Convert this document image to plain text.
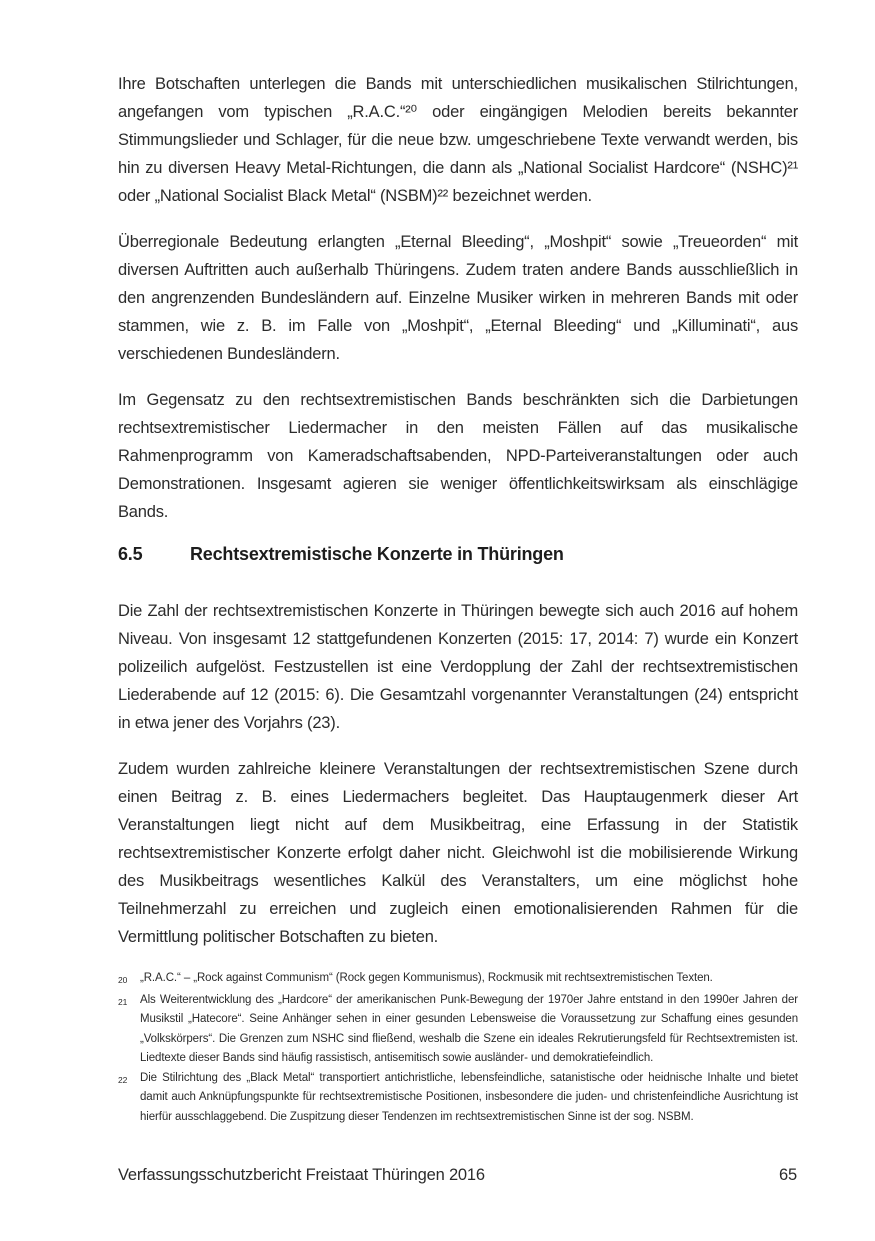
Ihre Botschaften unterlegen die Bands mit unterschiedlichen musikalischen Stilrichtungen, angefangen vom typischen „R.A.C.“²⁰ oder eingängigen Melodien bereits bekannter Stimmungslieder und Schlager, für die neue bzw. umgeschriebene Texte verwandt werden, bis hin zu diversen Heavy Metal-Richtungen, die dann als „National Socialist Hardcore“ (NSHC)²¹ oder „National Socialist Black Metal“ (NSBM)²² bezeichnet werden.

Überregionale Bedeutung erlangten „Eternal Bleeding“, „Moshpit“ sowie „Treueorden“ mit diversen Auftritten auch außerhalb Thüringens. Zudem traten andere Bands ausschließlich in den angrenzenden Bundesländern auf. Einzelne Musiker wirken in mehreren Bands mit oder stammen, wie z. B. im Falle von „Moshpit“, „Eternal Bleeding“ und „Killuminati“, aus verschiedenen Bundesländern.

Im Gegensatz zu den rechtsextremistischen Bands beschränkten sich die Darbietungen rechtsextremistischer Liedermacher in den meisten Fällen auf das musikalische Rahmenprogramm von Kameradschaftsabenden, NPD-Parteiveranstaltungen oder auch Demonstrationen. Insgesamt agieren sie weniger öffentlichkeitswirksam als einschlägige Bands.

6.5	Rechtsextremistische Konzerte in Thüringen

Die Zahl der rechtsextremistischen Konzerte in Thüringen bewegte sich auch 2016 auf hohem Niveau. Von insgesamt 12 stattgefundenen Konzerten (2015: 17, 2014: 7) wurde ein Konzert polizeilich aufgelöst. Festzustellen ist eine Verdopplung der Zahl der rechtsextremistischen Liederabende auf 12 (2015: 6). Die Gesamtzahl vorgenannter Veranstaltungen (24) entspricht in etwa jener des Vorjahrs (23).

Zudem wurden zahlreiche kleinere Veranstaltungen der rechtsextremistischen Szene durch einen Beitrag z. B. eines Liedermachers begleitet. Das Hauptaugenmerk dieser Art Veranstaltungen liegt nicht auf dem Musikbeitrag, eine Erfassung in der Statistik rechtsextremistischer Konzerte erfolgt daher nicht. Gleichwohl ist die mobilisierende Wirkung des Musikbeitrags wesentliches Kalkül des Veranstalters, um eine möglichst hohe Teilnehmerzahl zu erreichen und zugleich einen emotionalisierenden Rahmen für die Vermittlung politischer Botschaften zu bieten.

20	„R.A.C.“ – „Rock against Communism“ (Rock gegen Kommunismus), Rockmusik mit rechtsextremistischen Texten.
21	Als Weiterentwicklung des „Hardcore“ der amerikanischen Punk-Bewegung der 1970er Jahre entstand in den 1990er Jahren der Musikstil „Hatecore“. Seine Anhänger sehen in einer gesunden Lebensweise die Voraussetzung zur Schaffung eines gesunden „Volkskörpers“. Die Grenzen zum NSHC sind fließend, weshalb die Szene ein ideales Rekrutierungsfeld für Rechtsextremisten ist. Liedtexte dieser Bands sind häufig rassistisch, antisemitisch sowie ausländer- und demokratiefeindlich.
22	Die Stilrichtung des „Black Metal“ transportiert antichristliche, lebensfeindliche, satanistische oder heidnische Inhalte und bietet damit auch Anknüpfungspunkte für rechtsextremistische Positionen, insbesondere die juden- und christenfeindliche Ausrichtung ist hierfür ausschlaggebend. Die Zuspitzung dieser Tendenzen im rechtsextremistischen Sinne ist der sog. NSBM.
Verfassungsschutzbericht Freistaat Thüringen 2016	65
